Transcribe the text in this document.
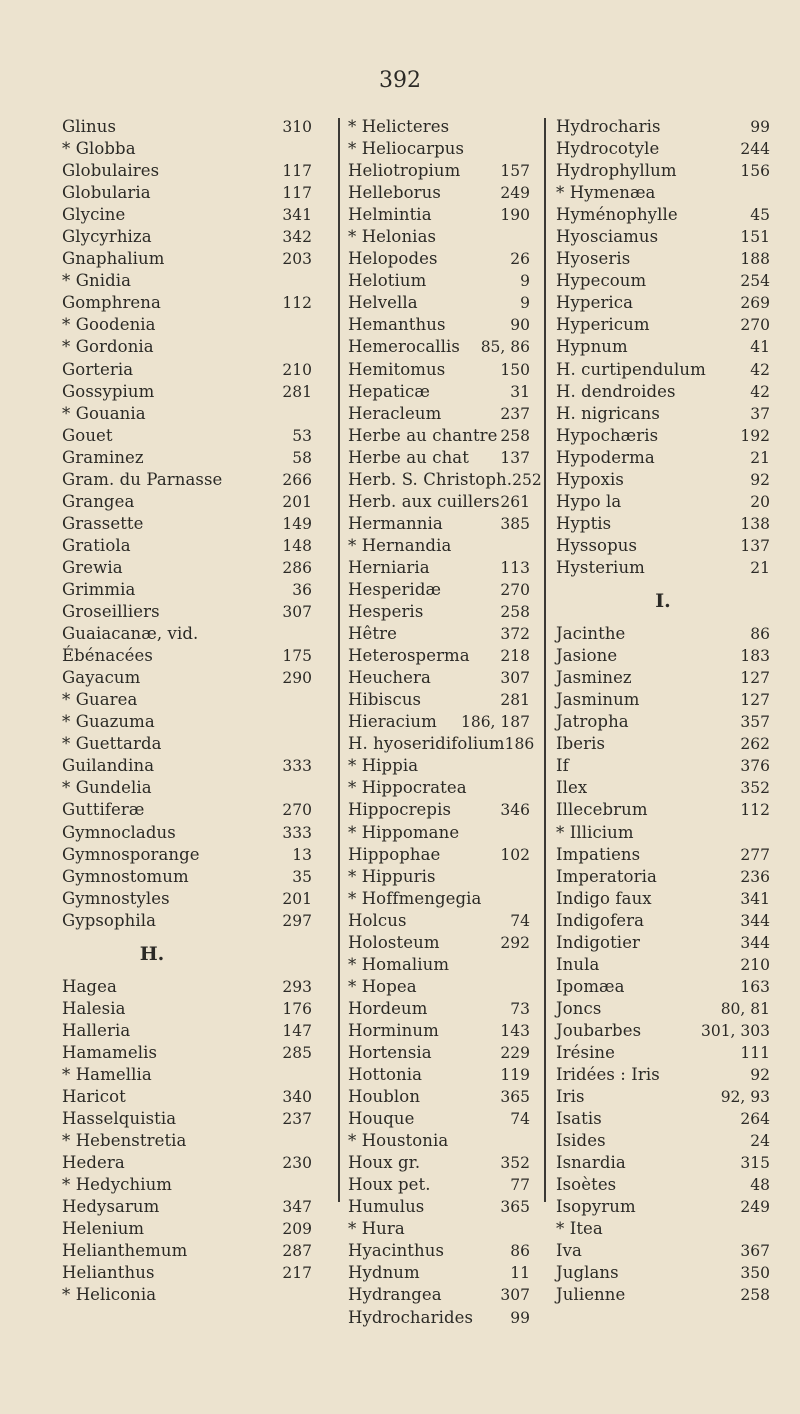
392
Glinus	310
* Globba
Globulaires	117
Globularia	117
Glycine	341
Glycyrhiza	342
Gnaphalium	203
* Gnidia
Gomphrena	112
* Goodenia
* Gordonia
Gorteria	210
Gossypium	281
* Gouania
Gouet	53
Graminez	58
Gram. du Parnasse	266
Grangea	201
Grassette	149
Gratiola	148
Grewia	286
Grimmia	36
Groseilliers	307
Guaiacanæ, vid.
Ébénacées	175
Gayacum	290
* Guarea
* Guazuma
* Guettarda
Guilandina	333
* Gundelia
Guttiferæ	270
Gymnocladus	333
Gymnosporange	13
Gymnostomum	35
Gymnostyles	201
Gypsophila	297
H.
Hagea	293
Halesia	176
Halleria	147
Hamamelis	285
* Hamellia
Haricot	340
Hasselquistia	237
* Hebenstretia
Hedera	230
* Hedychium
Hedysarum	347
Helenium	209
Helianthemum	287
Helianthus	217
* Heliconia
* Helicteres
* Heliocarpus
Heliotropium	157
Helleborus	249
Helmintia	190
* Helonias
Helopodes	26
Helotium	9
Helvella	9
Hemanthus	90
Hemerocallis 85, 86
Hemitomus	150
Hepaticæ	31
Heracleum	237
Herbe au chantre 258
Herbe au chat 137
Herb. S. Christoph. 252
Herb. aux cuillers 261
Hermannia	385
* Hernandia
Herniaria	113
Hesperidæ	270
Hesperis	258
Hêtre	372
Heterosperma 218
Heuchera	307
Hibiscus	281
Hieracium 186, 187
H. hyoseridifolium 186
* Hippia
* Hippocratea
Hippocrepis	346
* Hippomane
Hippophae	102
* Hippuris
* Hoffmengegia
Holcus	74
Holosteum	292
* Homalium
* Hopea
Hordeum	73
Horminum	143
Hortensia	229
Hottonia	119
Houblon	365
Houque	74
* Houstonia
Houx gr.	352
Houx pet.	77
Humulus	365
* Hura
Hyacinthus	86
Hydnum	11
Hydrangea	307
Hydrocharides 99
Hydrocharis	99
Hydrocotyle	244
Hydrophyllum	156
* Hymenæa
Hyménophylle	45
Hyosciamus	151
Hyoseris	188
Hypecoum	254
Hyperica	269
Hypericum	270
Hypnum	41
H. curtipendulum	42
H. dendroides	42
H. nigricans	37
Hypochæris	192
Hypoderma	21
Hypoxis	92
Hypo la	20
Hyptis	138
Hyssopus	137
Hysterium	21
I.
Jacinthe	86
Jasione	183
Jasminez	127
Jasminum	127
Jatropha	357
Iberis	262
If	376
Ilex	352
Illecebrum	112
* Illicium
Impatiens	277
Imperatoria	236
Indigo faux	341
Indigofera	344
Indigotier	344
Inula	210
Ipomæa	163
Joncs	80, 81
Joubarbes	301, 303
Irésine	111
Iridées : Iris	92
Iris	92, 93
Isatis	264
Isides	24
Isnardia	315
Isoètes	48
Isopyrum	249
* Itea
Iva	367
Juglans	350
Julienne	258
